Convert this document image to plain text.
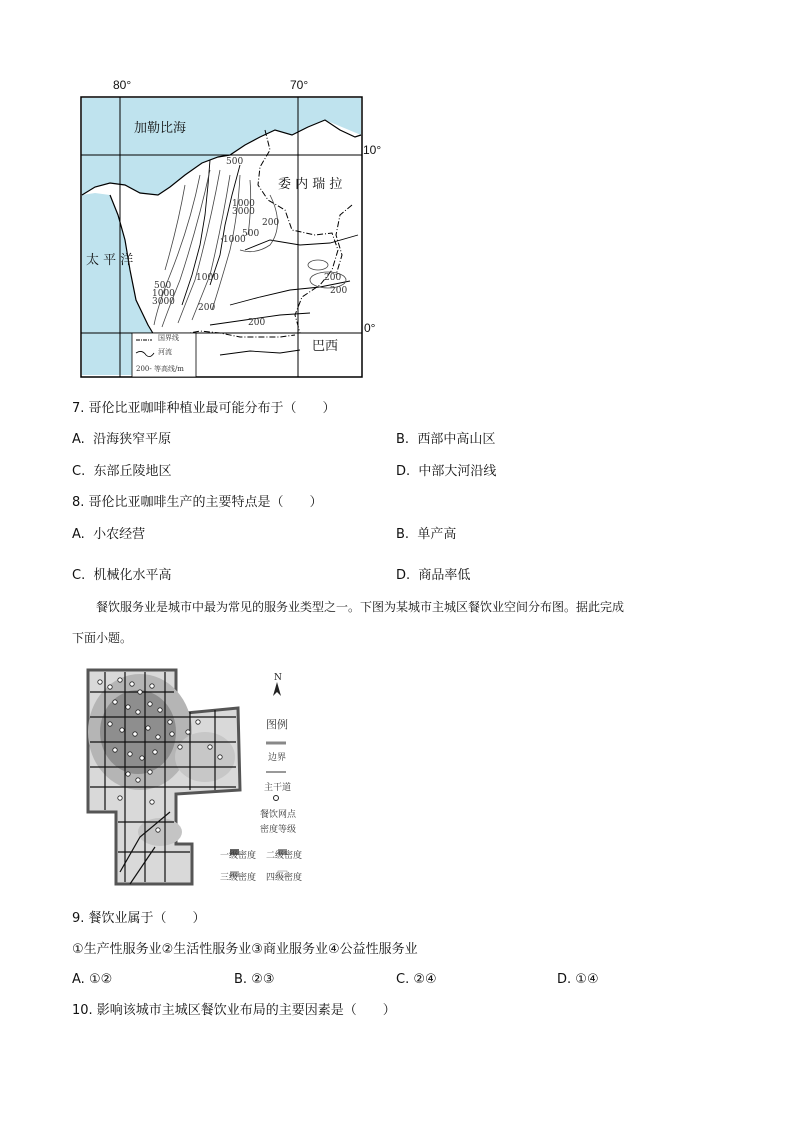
80°	70°
10°
0°
加勒比海
委 内 瑞 拉
太 平 洋
巴西
500
1000
3000
500
·1000
200
1000
500
1000
3000
200
200
200
200
国界线
河流
200- 等高线/m
7. 哥伦比亚咖啡种植业最可能分布于（　　）
A. 沿海狭窄平原	B. 西部中高山区
C. 东部丘陵地区	D. 中部大河沿线
8. 哥伦比亚咖啡生产的主要特点是（　　）
A. 小农经营	B. 单产高
C. 机械化水平高	D. 商品率低
餐饮服务业是城市中最为常见的服务业类型之一。下图为某城市主城区餐饮业空间分布图。据此完成
下面小题。
N
图例
边界
主干道
餐饮网点
密度等级
一级密度 二级密度
三级密度 四级密度
9. 餐饮业属于（　　）
①生产性服务业②生活性服务业③商业服务业④公益性服务业
A. ①②	B. ②③	C. ②④	D. ①④
10. 影响该城市主城区餐饮业布局的主要因素是（　　）
